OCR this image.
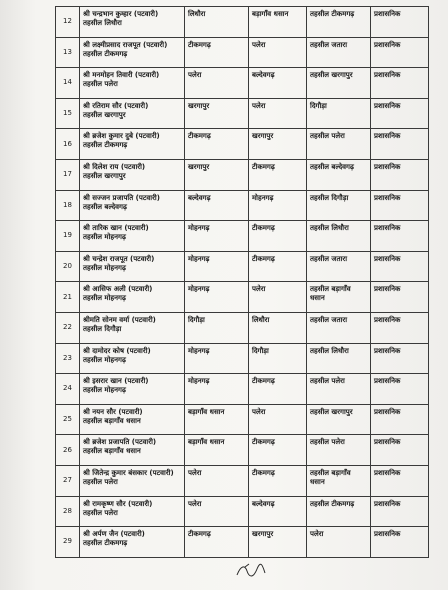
12	श्री चन्द्रभान कुम्हार (पटवारी)
तहसील लिधौरा	लिधौरा	बड़ागाँव धसान	तहसील टीकमगढ़	प्रशासनिक
13	श्री लक्ष्मीप्रसाद राजपूत (पटवारी)
तहसील टीकमगढ़	टीकमगढ़	पलेरा	तहसील जतारा	प्रशासनिक
14	श्री मनमोहन तिवारी (पटवारी)
तहसील पलेरा	पलेरा	बल्देवगढ़	तहसील खरगापुर	प्रशासनिक
15	श्री रतिराम सौर (पटवारी)
तहसील खरगापुर	खरगापुर	पलेरा	दिगौड़ा	प्रशासनिक
16	श्री ब्रजेश कुमार दुबे (पटवारी)
तहसील टीकमगढ़	टीकमगढ़	खरगापुर	तहसील पलेरा	प्रशासनिक
17	श्री दिलेश राय (पटवारी)
तहसील खरगापुर	खरगापुर	टीकमगढ़	तहसील बल्देवगढ़	प्रशासनिक
18	श्री सज्जन प्रजापति (पटवारी)
तहसील बल्देवगढ़	बल्देवगढ़	मोहनगढ़	तहसील दिगौड़ा	प्रशासनिक
19	श्री तारिक खान (पटवारी)
तहसील मोहनगढ़	मोहनगढ़	टीकमगढ़	तहसील लिधौरा	प्रशासनिक
20	श्री चन्द्रेश राजपूत (पटवारी)
तहसील मोहनगढ़	मोहनगढ़	टीकमगढ़	तहसील जतारा	प्रशासनिक
21	श्री आसिफ अली (पटवारी)
तहसील मोहनगढ़	मोहनगढ़	पलेरा	तहसील बड़ागाँव धसान	प्रशासनिक
22	श्रीमति सोनम वर्मा (पटवारी)
तहसील दिगौड़ा	दिगौड़ा	लिधौरा	तहसील जतारा	प्रशासनिक
23	श्री दामोदर कोष (पटवारी)
तहसील मोहनगढ़	मोहनगढ़	दिगौड़ा	तहसील लिधौरा	प्रशासनिक
24	श्री इसरार खान (पटवारी)
तहसील मोहनगढ़	मोहनगढ़	टीकमगढ़	तहसील पलेरा	प्रशासनिक
25	श्री नयन सौर (पटवारी)
तहसील बड़ागाँव धसान	बड़ागाँव धसान	पलेरा	तहसील खरगापुर	प्रशासनिक
26	श्री ब्रजेश प्रजापति (पटवारी)
तहसील बड़ागाँव धसान	बड़ागाँव धसान	टीकमगढ़	तहसील पलेरा	प्रशासनिक
27	श्री जितेन्द्र कुमार बंसकार (पटवारी)
तहसील पलेरा	पलेरा	टीकमगढ़	तहसील बड़ागाँव धसान	प्रशासनिक
28	श्री रामकृष्ण सौर (पटवारी)
तहसील पलेरा	पलेरा	बल्देवगढ़	तहसील टीकमगढ़	प्रशासनिक
29	श्री अर्पण जैन (पटवारी)
तहसील टीकमगढ़	टीकमगढ़	खरगापुर	पलेरा	प्रशासनिक
